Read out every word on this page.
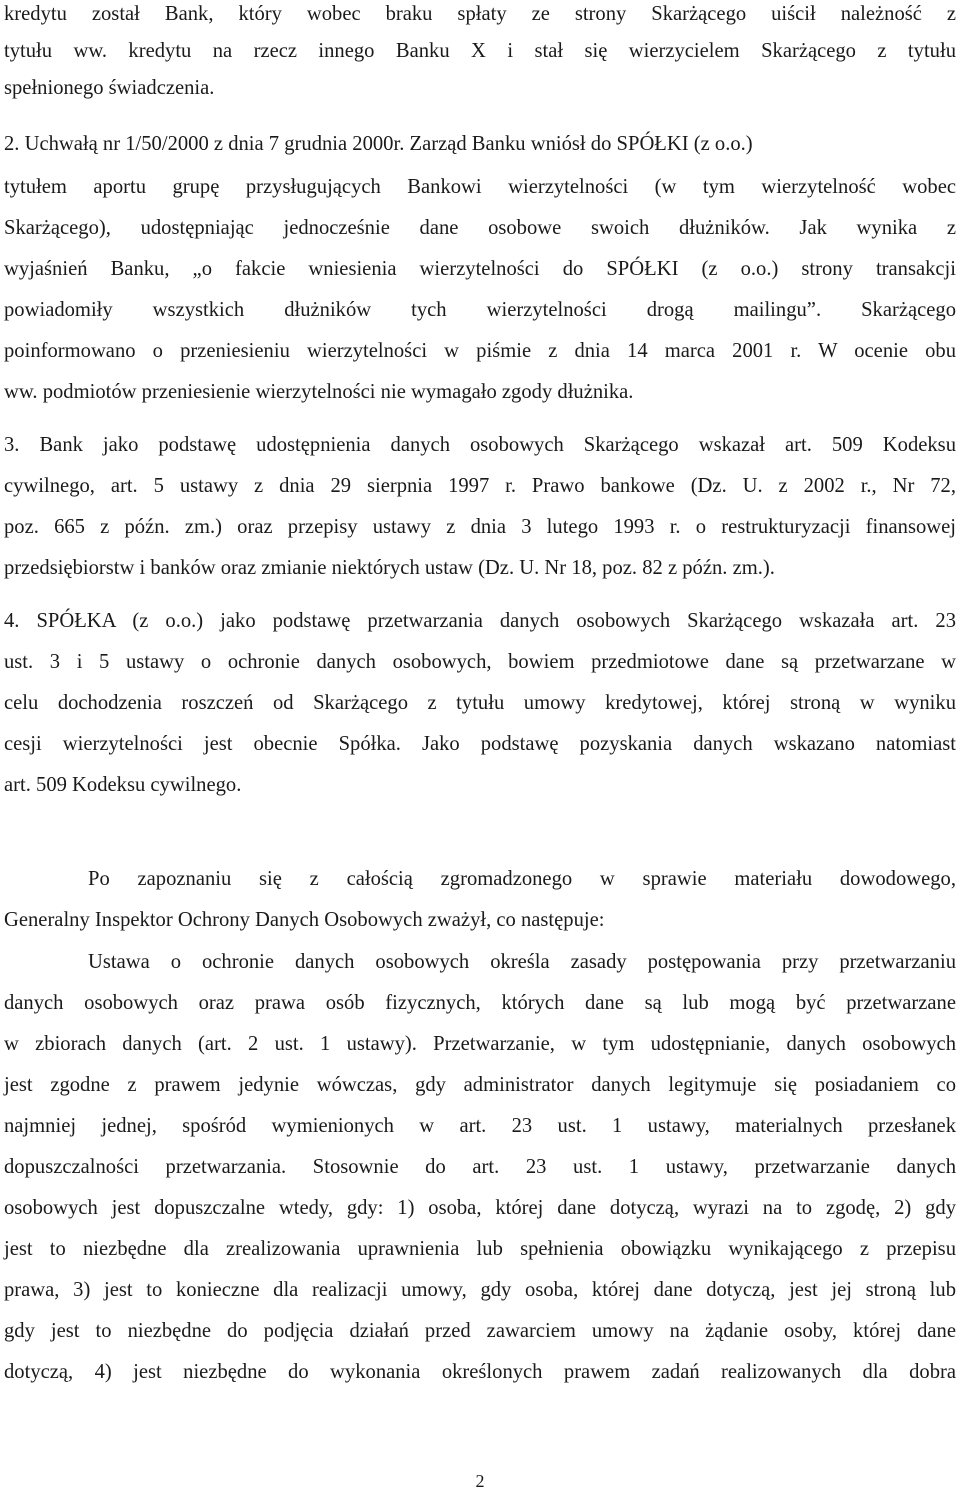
kredytu został Bank, który wobec braku spłaty ze strony Skarżącego uiścił należność z
tytułu ww. kredytu na rzecz innego Banku X i stał się wierzycielem Skarżącego z tytułu
spełnionego świadczenia.
2. Uchwałą nr 1/50/2000 z dnia 7 grudnia 2000r. Zarząd Banku wniósł do SPÓŁKI (z o.o.)
tytułem aportu grupę przysługujących Bankowi wierzytelności (w tym wierzytelność wobec
Skarżącego), udostępniając jednocześnie dane osobowe swoich dłużników. Jak wynika z
wyjaśnień Banku, „o fakcie wniesienia wierzytelności do SPÓŁKI (z o.o.) strony transakcji
powiadomiły wszystkich dłużników tych wierzytelności drogą mailingu”. Skarżącego
poinformowano o przeniesieniu wierzytelności w piśmie z dnia 14 marca 2001 r. W ocenie obu
ww. podmiotów przeniesienie wierzytelności nie wymagało zgody dłużnika.
3. Bank jako podstawę udostępnienia danych osobowych Skarżącego wskazał art. 509 Kodeksu
cywilnego, art. 5 ustawy z dnia 29 sierpnia 1997 r. Prawo bankowe (Dz. U. z 2002 r., Nr 72,
poz. 665 z późn. zm.) oraz przepisy ustawy z dnia 3 lutego 1993 r. o restrukturyzacji finansowej
przedsiębiorstw i banków oraz zmianie niektórych ustaw (Dz. U. Nr 18, poz. 82 z późn. zm.).
4. SPÓŁKA (z o.o.) jako podstawę przetwarzania danych osobowych Skarżącego wskazała art. 23
ust. 3 i 5 ustawy o ochronie danych osobowych, bowiem przedmiotowe dane są przetwarzane w
celu dochodzenia roszczeń od Skarżącego z tytułu umowy kredytowej, której stroną w wyniku
cesji wierzytelności jest obecnie Spółka. Jako podstawę pozyskania danych wskazano natomiast
art. 509 Kodeksu cywilnego.
Po zapoznaniu się z całością zgromadzonego w sprawie materiału dowodowego,
Generalny Inspektor Ochrony Danych Osobowych zważył, co następuje:
Ustawa o ochronie danych osobowych określa zasady postępowania przy przetwarzaniu
danych osobowych oraz prawa osób fizycznych, których dane są lub mogą być przetwarzane
w zbiorach danych (art. 2 ust. 1 ustawy). Przetwarzanie, w tym udostępnianie, danych osobowych
jest zgodne z prawem jedynie wówczas, gdy administrator danych legitymuje się posiadaniem co
najmniej jednej, spośród wymienionych w art. 23 ust. 1 ustawy, materialnych przesłanek
dopuszczalności przetwarzania. Stosownie do art. 23 ust. 1 ustawy, przetwarzanie danych
osobowych jest dopuszczalne wtedy, gdy: 1) osoba, której dane dotyczą, wyrazi na to zgodę, 2) gdy
jest to niezbędne dla zrealizowania uprawnienia lub spełnienia obowiązku wynikającego z przepisu
prawa, 3) jest to konieczne dla realizacji umowy, gdy osoba, której dane dotyczą, jest jej stroną lub
gdy jest to niezbędne do podjęcia działań przed zawarciem umowy na żądanie osoby, której dane
dotyczą, 4) jest niezbędne do wykonania określonych prawem zadań realizowanych dla dobra
2
